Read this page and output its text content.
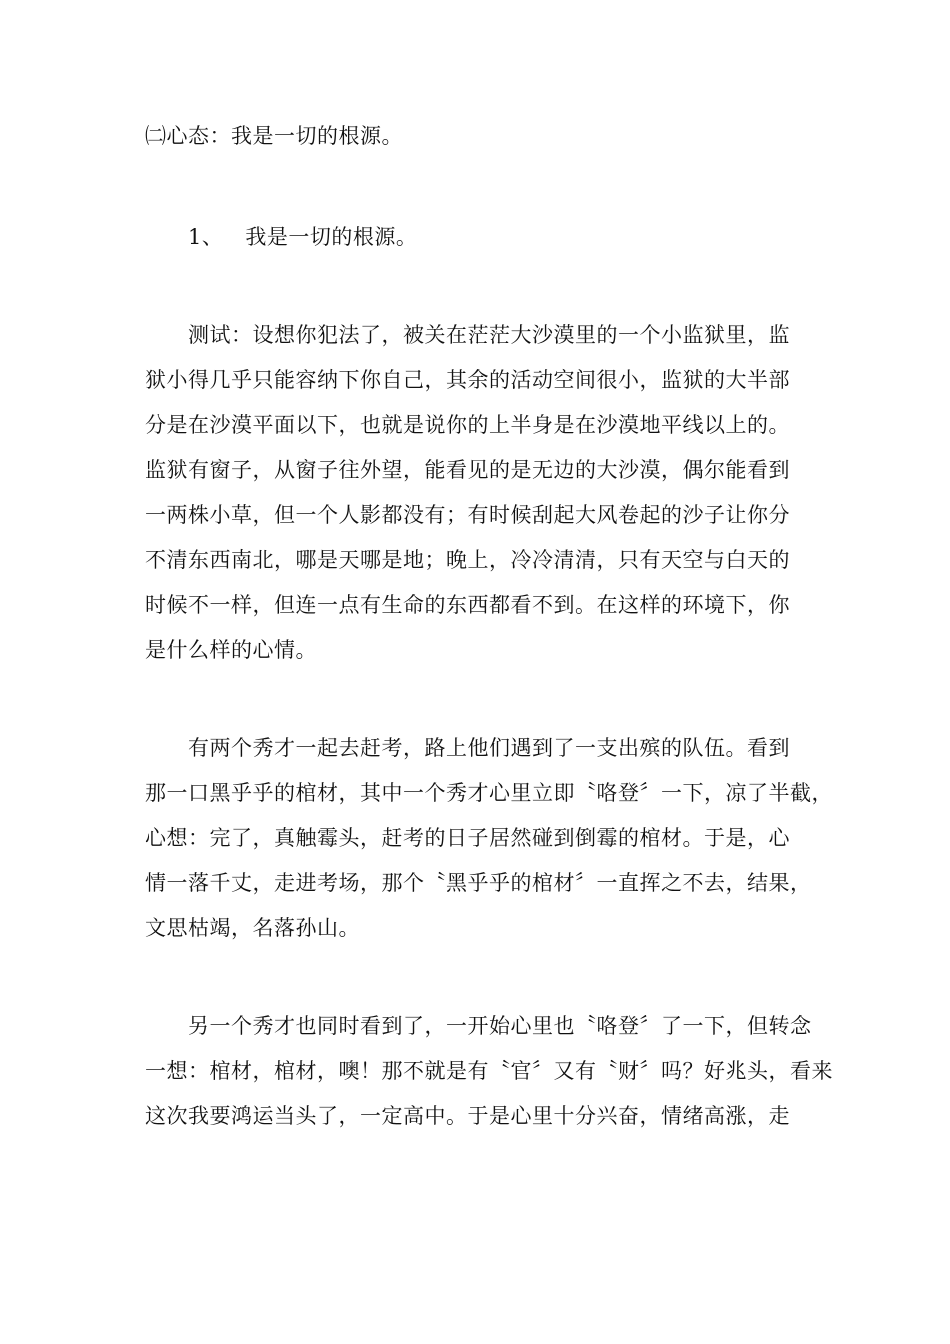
㈡心态：我是一切的根源。
1、 我是一切的根源。
测试：设想你犯法了，被关在茫茫大沙漠里的一个小监狱里，监
狱小得几乎只能容纳下你自己，其余的活动空间很小，监狱的大半部
分是在沙漠平面以下，也就是说你的上半身是在沙漠地平线以上的。
监狱有窗子，从窗子往外望，能看见的是无边的大沙漠，偶尔能看到
一两株小草，但一个人影都没有；有时候刮起大风卷起的沙子让你分
不清东西南北，哪是天哪是地；晚上，冷冷清清，只有天空与白天的
时候不一样，但连一点有生命的东西都看不到。在这样的环境下，你
是什么样的心情。
有两个秀才一起去赶考，路上他们遇到了一支出殡的队伍。看到
那一口黑乎乎的棺材，其中一个秀才心里立即〝咯登〞一下，凉了半截，
心想：完了，真触霉头，赶考的日子居然碰到倒霉的棺材。于是，心
情一落千丈，走进考场，那个〝黑乎乎的棺材〞一直挥之不去，结果，
文思枯竭，名落孙山。
另一个秀才也同时看到了，一开始心里也〝咯登〞了一下，但转念
一想：棺材，棺材，噢！那不就是有〝官〞又有〝财〞吗？好兆头，看来
这次我要鸿运当头了，一定高中。于是心里十分兴奋，情绪高涨，走
